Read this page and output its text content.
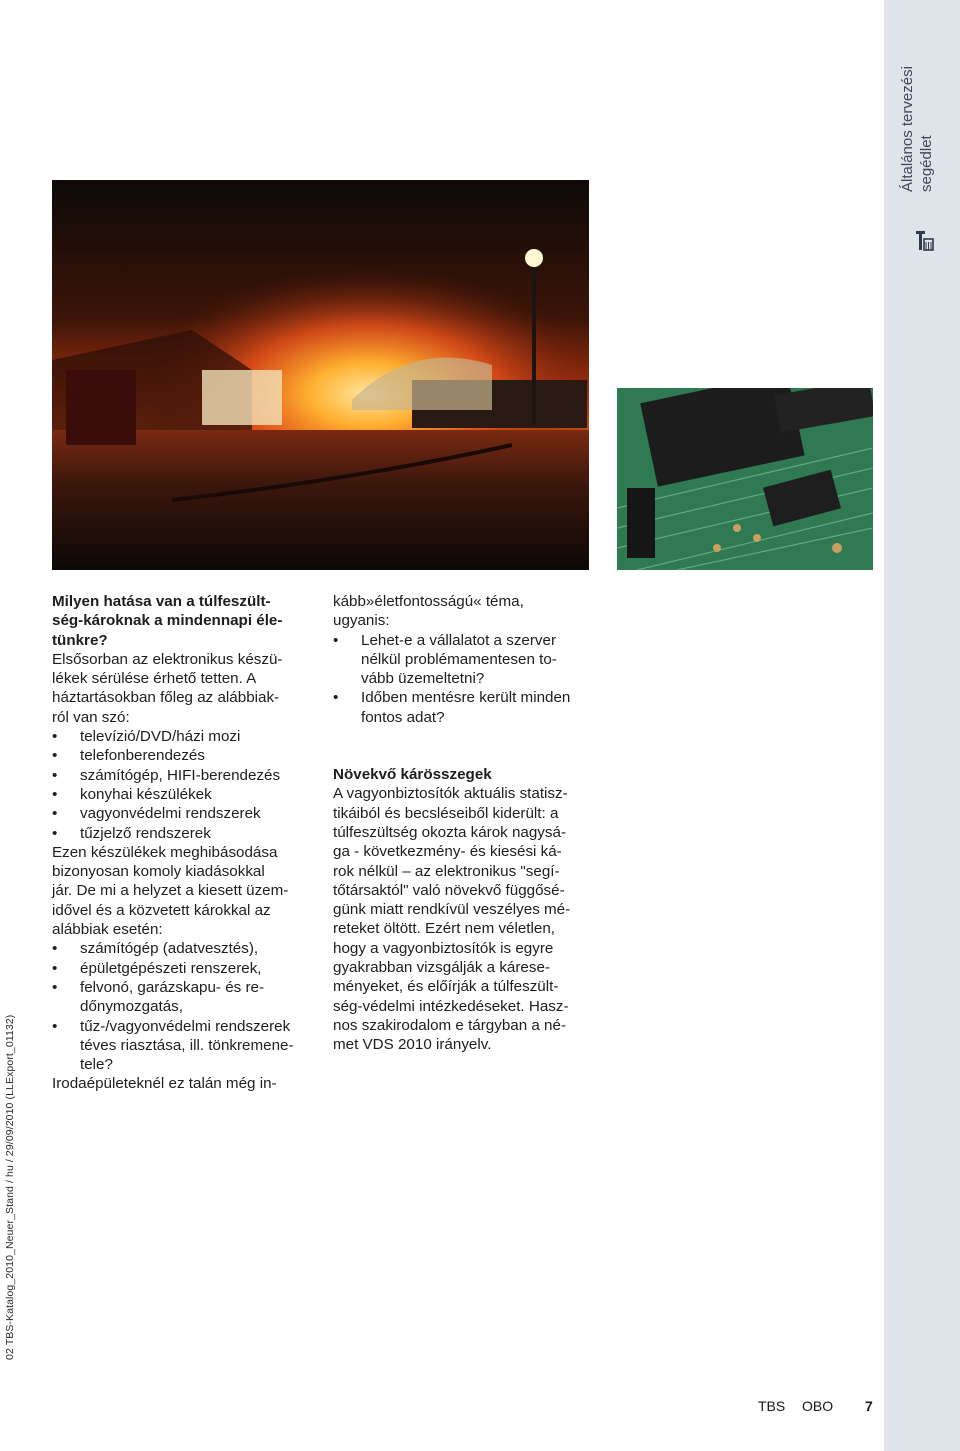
Általános tervezési segédlet
02 TBS-Katalog_2010_Neuer_Stand / hu / 29/09/2010 (LLExport_01132)

Milyen hatása van a túlfeszült-
ség-károknak a mindennapi éle-
tünkre?

Elsősorban az elektronikus készü-
lékek sérülése érhető tetten. A
háztartásokban főleg az alábbiak-
ról van szó:

• televízió/DVD/házi mozi
• telefonberendezés
• számítógép, HIFI-berendezés
• konyhai készülékek
• vagyonvédelmi rendszerek
• tűzjelző rendszerek

Ezen készülékek meghibásodása
bizonyosan komoly kiadásokkal
jár. De mi a helyzet a kiesett üzem-
idővel és a közvetett károkkal az
alábbiak esetén:

• számítógép (adatvesztés),
• épületgépészeti renszerek,
• felvonó, garázskapu- és re-
dőnymozgatás,
• tűz-/vagyonvédelmi rendszerek
téves riasztása, ill. tönkremene-
tele?

Irodaépületeknél ez talán még in-

kább»életfontosságú« téma,
ugyanis:

• Lehet-e a vállalatot a szerver
nélkül problémamentesen to-
vább üzemeltetni?
• Időben mentésre került minden
fontos adat?

Növekvő kárösszegek

A vagyonbiztosítók aktuális statisz-
tikáiból és becsléseiből kiderült: a
túlfeszültség okozta károk nagysá-
ga - következmény- és kiesési ká-
rok nélkül – az elektronikus "segí-
tőtársaktól" való növekvő függősé-
günk miatt rendkívül veszélyes mé-
reteket öltött. Ezért nem véletlen,
hogy a vagyonbiztosítók is egyre
gyakrabban vizsgálják a kárese-
ményeket, és előírják a túlfeszült-
ség-védelmi intézkedéseket. Hasz-
nos szakirodalom e tárgyban a né-
met VDS 2010 irányelv.

TBS OBO 7
